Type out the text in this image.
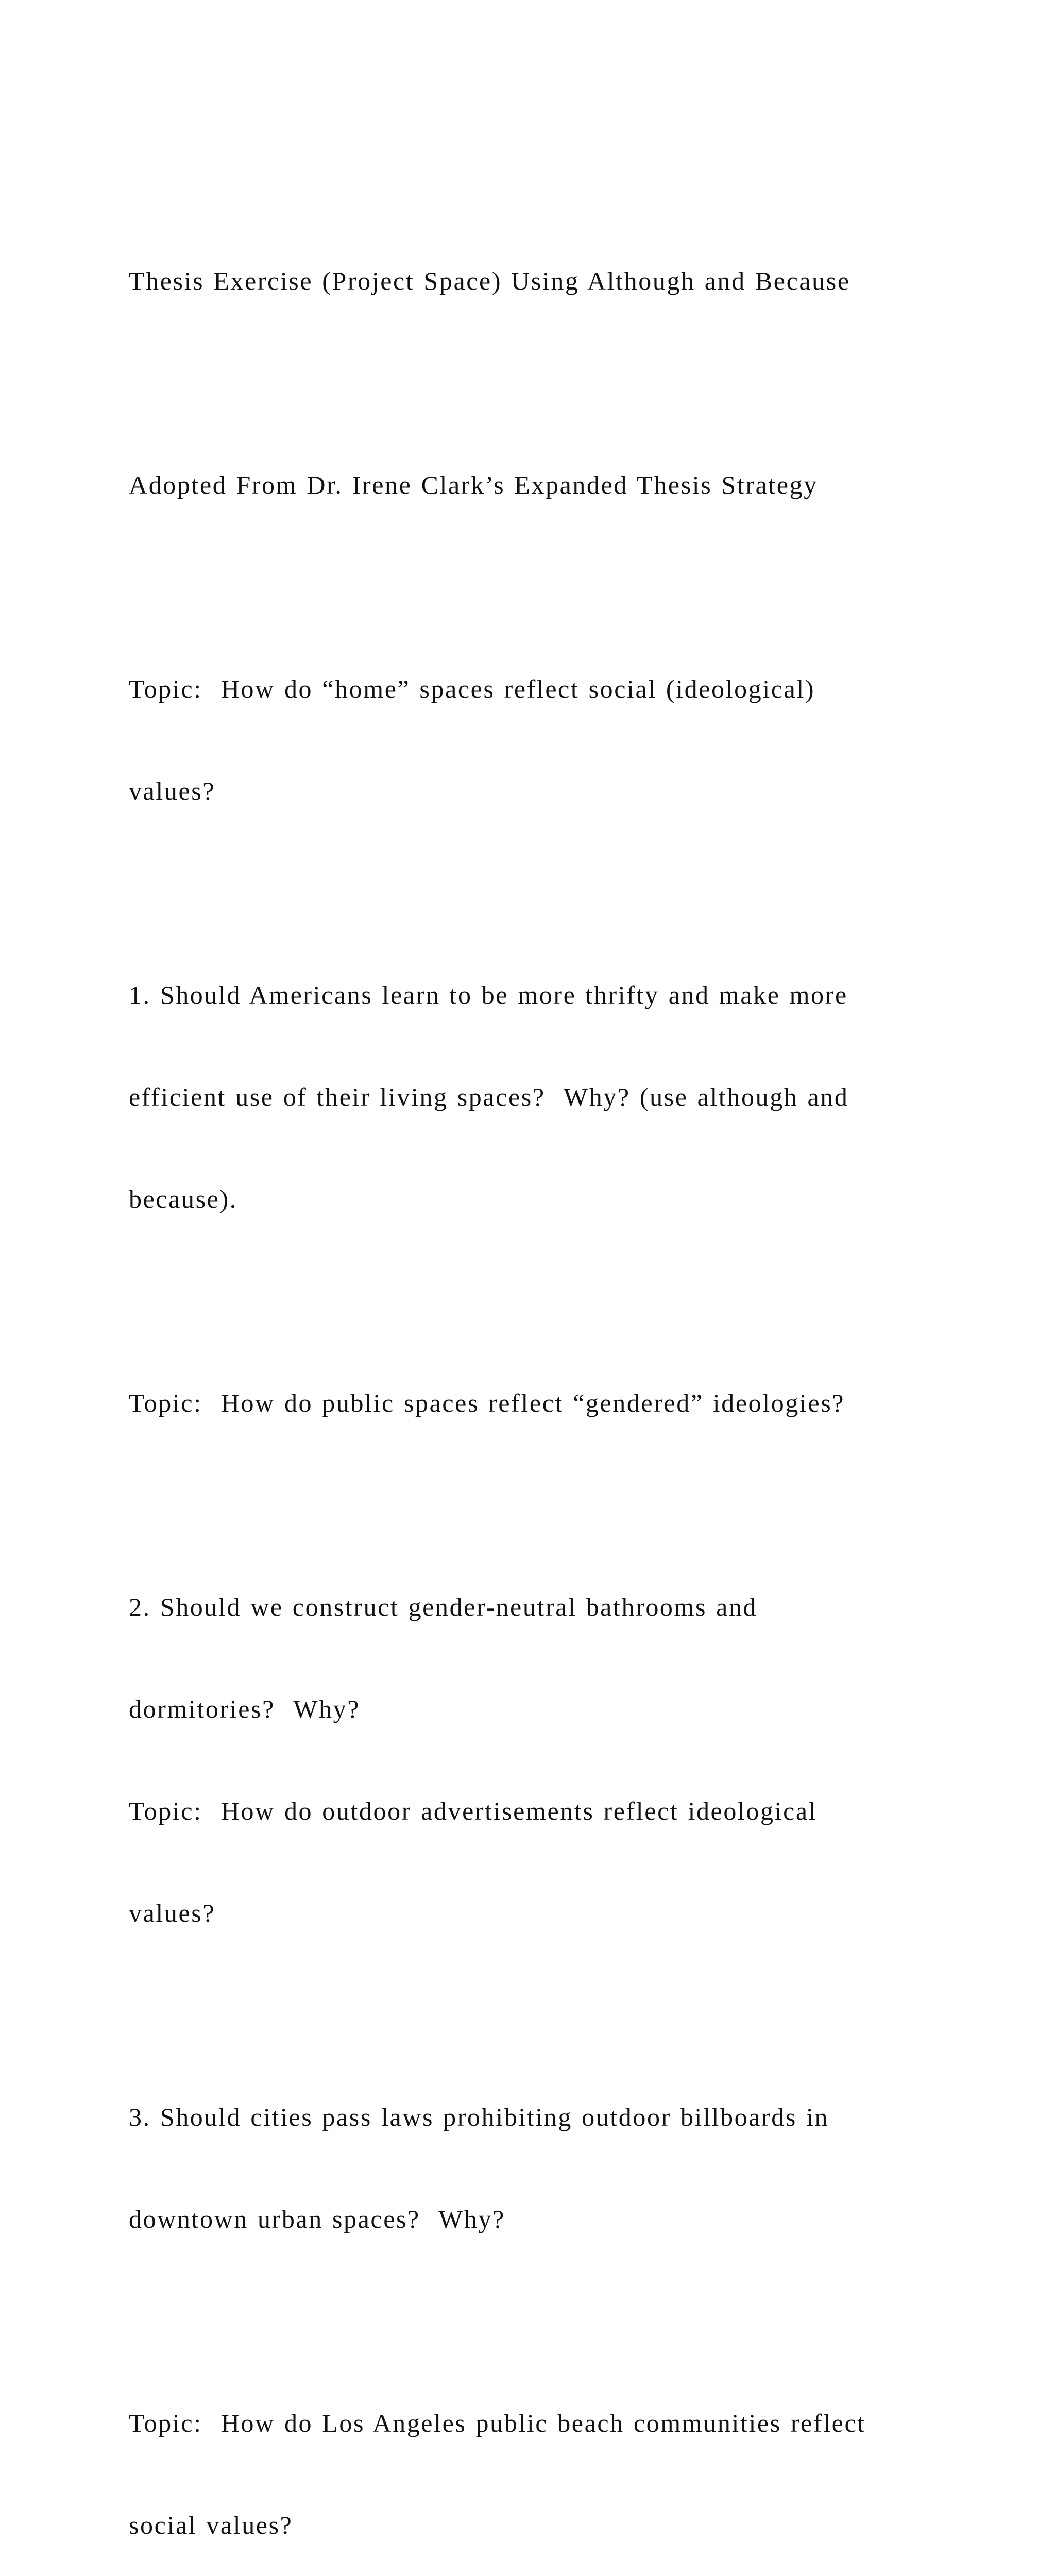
Thesis Exercise (Project Space) Using Although and Because

Adopted From Dr. Irene Clark’s Expanded Thesis Strategy

Topic:  How do “home” spaces reflect social (ideological)

values?

1. Should Americans learn to be more thrifty and make more

efficient use of their living spaces?  Why? (use although and

because).

Topic:  How do public spaces reflect “gendered” ideologies?

2. Should we construct gender-neutral bathrooms and

dormitories?  Why?

Topic:  How do outdoor advertisements reflect ideological

values?

3. Should cities pass laws prohibiting outdoor billboards in

downtown urban spaces?  Why?

Topic:  How do Los Angeles public beach communities reflect

social values?
